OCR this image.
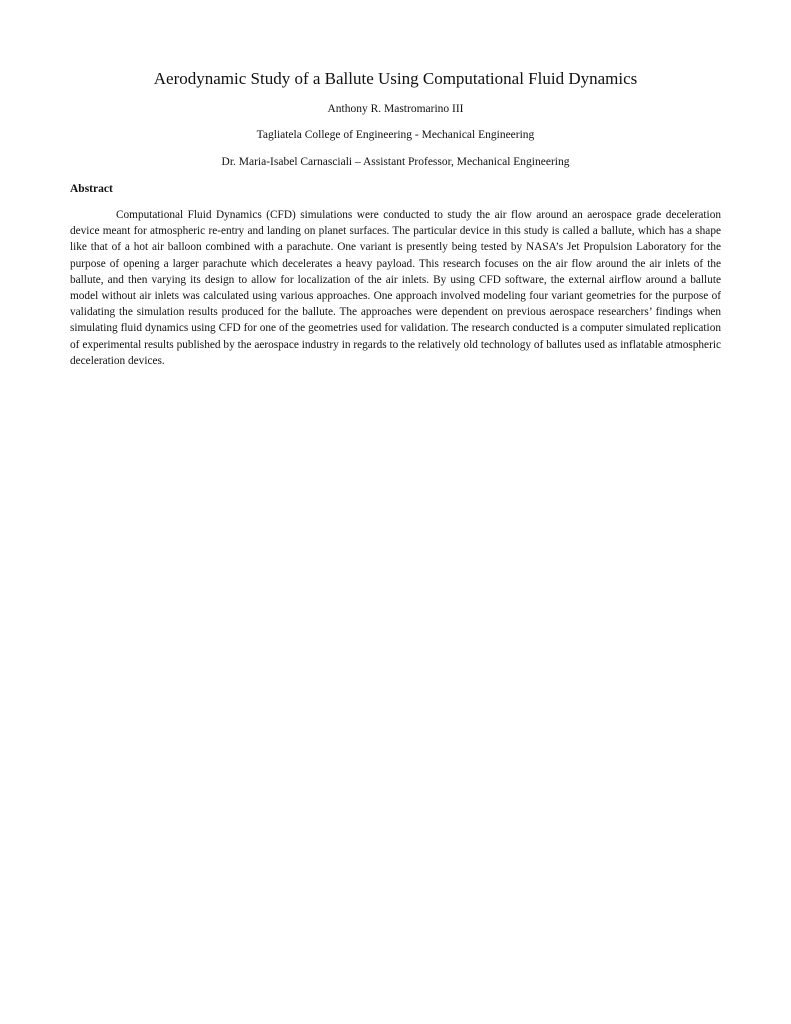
Aerodynamic Study of a Ballute Using Computational Fluid Dynamics
Anthony R. Mastromarino III
Tagliatela College of Engineering - Mechanical Engineering
Dr. Maria-Isabel Carnasciali – Assistant Professor, Mechanical Engineering
Abstract

Computational Fluid Dynamics (CFD) simulations were conducted to study the air flow around an aerospace grade deceleration device meant for atmospheric re-entry and landing on planet surfaces. The particular device in this study is called a ballute, which has a shape like that of a hot air balloon combined with a parachute. One variant is presently being tested by NASA’s Jet Propulsion Laboratory for the purpose of opening a larger parachute which decelerates a heavy payload. This research focuses on the air flow around the air inlets of the ballute, and then varying its design to allow for localization of the air inlets. By using CFD software, the external airflow around a ballute model without air inlets was calculated using various approaches. One approach involved modeling four variant geometries for the purpose of validating the simulation results produced for the ballute. The approaches were dependent on previous aerospace researchers’ findings when simulating fluid dynamics using CFD for one of the geometries used for validation. The research conducted is a computer simulated replication of experimental results published by the aerospace industry in regards to the relatively old technology of ballutes used as inflatable atmospheric deceleration devices.
